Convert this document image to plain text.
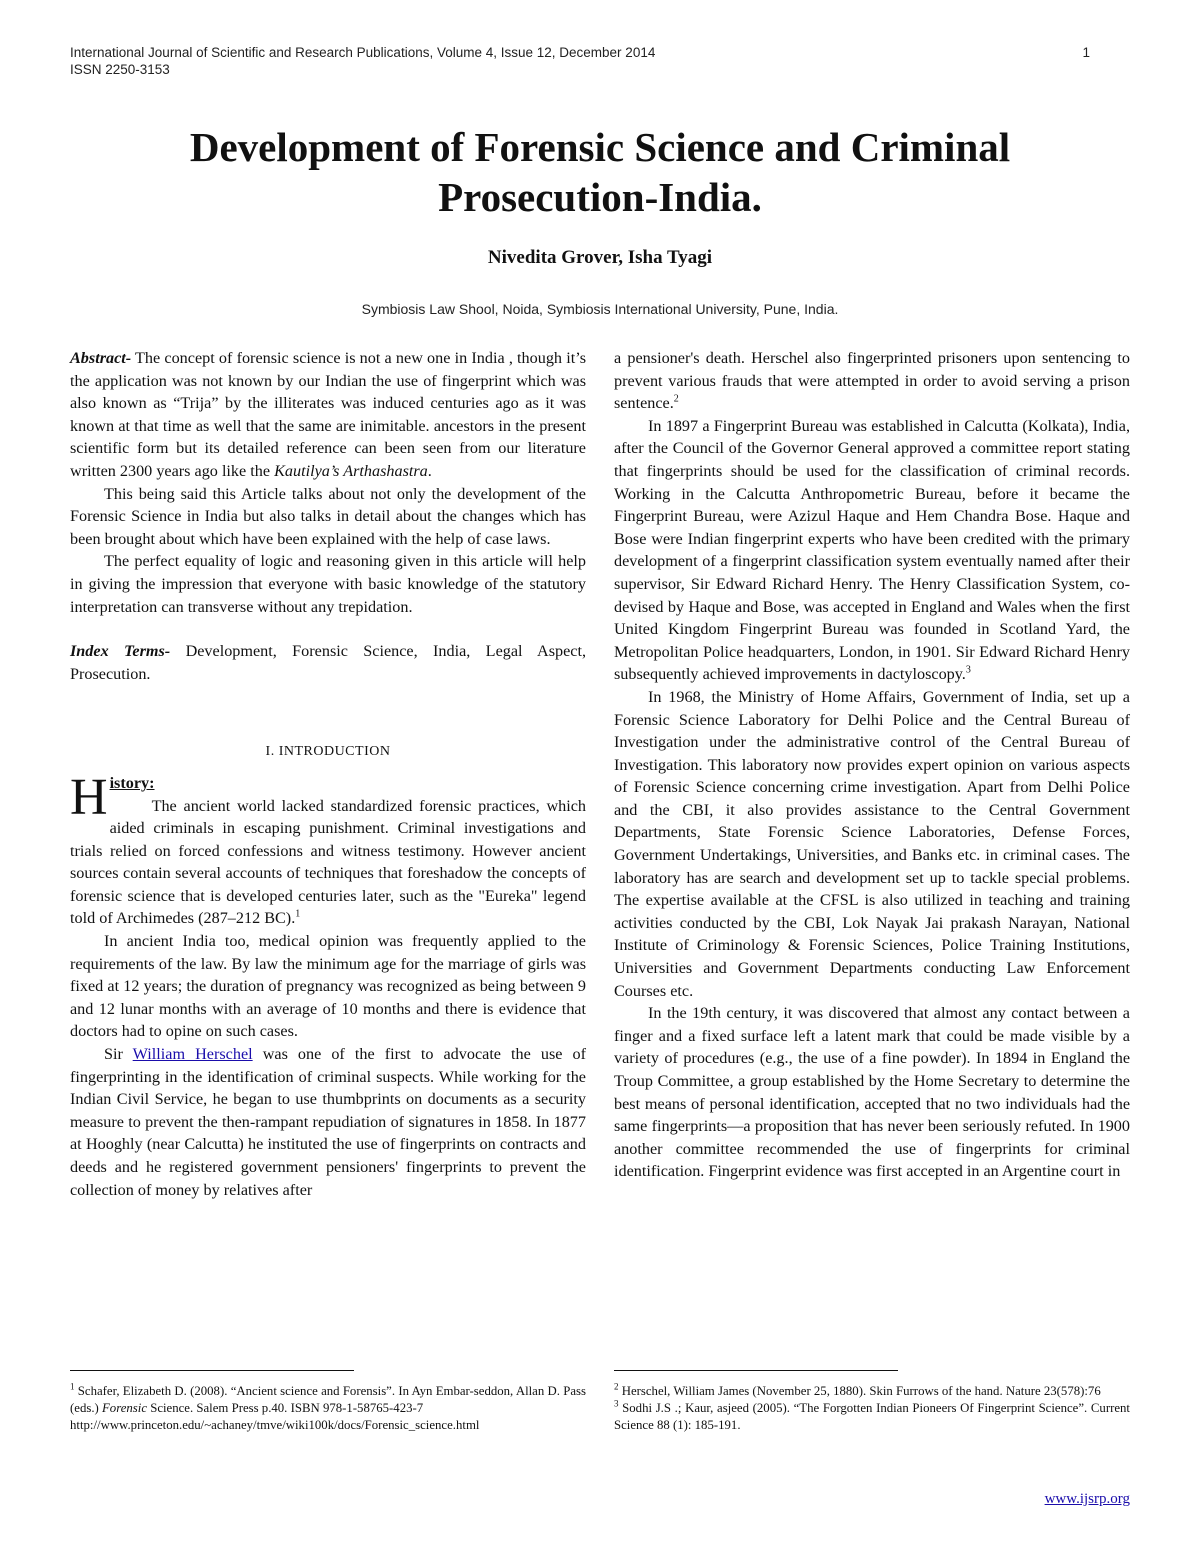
International Journal of Scientific and Research Publications, Volume 4, Issue 12, December 2014
ISSN 2250-3153
1
Development of Forensic Science and Criminal
Prosecution-India.
Nivedita Grover, Isha Tyagi
Symbiosis Law Shool, Noida, Symbiosis International University, Pune, India.

Abstract- The concept of forensic science is not a new one in India , though it’s the application was not known by our Indian the use of fingerprint which was also known as “Trija” by the illiterates was induced centuries ago as it was known at that time as well that the same are inimitable. ancestors in the present scientific form but its detailed reference can been seen from our literature written 2300 years ago like the Kautilya’s Arthashastra.

This being said this Article talks about not only the development of the Forensic Science in India but also talks in detail about the changes which has been brought about which have been explained with the help of case laws.

The perfect equality of logic and reasoning given in this article will help in giving the impression that everyone with basic knowledge of the statutory interpretation can transverse without any trepidation.

Index Terms- Development, Forensic Science, India, Legal Aspect, Prosecution.

I. INTRODUCTION

History:
The ancient world lacked standardized forensic practices, which aided criminals in escaping punishment. Criminal investigations and trials relied on forced confessions and witness testimony. However ancient sources contain several accounts of techniques that foreshadow the concepts of forensic science that is developed centuries later, such as the "Eureka" legend told of Archimedes (287–212 BC).$^1$

In ancient India too, medical opinion was frequently applied to the requirements of the law. By law the minimum age for the marriage of girls was fixed at 12 years; the duration of pregnancy was recognized as being between 9 and 12 lunar months with an average of 10 months and there is evidence that doctors had to opine on such cases.

Sir William Herschel was one of the first to advocate the use of fingerprinting in the identification of criminal suspects. While working for the Indian Civil Service, he began to use thumbprints on documents as a security measure to prevent the then-rampant repudiation of signatures in 1858. In 1877 at Hooghly (near Calcutta) he instituted the use of fingerprints on contracts and deeds and he registered government pensioners' fingerprints to prevent the collection of money by relatives after

a pensioner's death. Herschel also fingerprinted prisoners upon sentencing to prevent various frauds that were attempted in order to avoid serving a prison sentence.$^2$

In 1897 a Fingerprint Bureau was established in Calcutta (Kolkata), India, after the Council of the Governor General approved a committee report stating that fingerprints should be used for the classification of criminal records. Working in the Calcutta Anthropometric Bureau, before it became the Fingerprint Bureau, were Azizul Haque and Hem Chandra Bose. Haque and Bose were Indian fingerprint experts who have been credited with the primary development of a fingerprint classification system eventually named after their supervisor, Sir Edward Richard Henry. The Henry Classification System, co-devised by Haque and Bose, was accepted in England and Wales when the first United Kingdom Fingerprint Bureau was founded in Scotland Yard, the Metropolitan Police headquarters, London, in 1901. Sir Edward Richard Henry subsequently achieved improvements in dactyloscopy.$^3$

In 1968, the Ministry of Home Affairs, Government of India, set up a Forensic Science Laboratory for Delhi Police and the Central Bureau of Investigation under the administrative control of the Central Bureau of Investigation. This laboratory now provides expert opinion on various aspects of Forensic Science concerning crime investigation. Apart from Delhi Police and the CBI, it also provides assistance to the Central Government Departments, State Forensic Science Laboratories, Defense Forces, Government Undertakings, Universities, and Banks etc. in criminal cases. The laboratory has are search and development set up to tackle special problems. The expertise available at the CFSL is also utilized in teaching and training activities conducted by the CBI, Lok Nayak Jai prakash Narayan, National Institute of Criminology & Forensic Sciences, Police Training Institutions, Universities and Government Departments conducting Law Enforcement Courses etc.

In the 19th century, it was discovered that almost any contact between a finger and a fixed surface left a latent mark that could be made visible by a variety of procedures (e.g., the use of a fine powder). In 1894 in England the Troup Committee, a group established by the Home Secretary to determine the best means of personal identification, accepted that no two individuals had the same fingerprints—a proposition that has never been seriously refuted. In 1900 another committee recommended the use of fingerprints for criminal identification. Fingerprint evidence was first accepted in an Argentine court in

$^1$ Schafer, Elizabeth D. (2008). “Ancient science and Forensis”. In Ayn Embar-seddon, Allan D. Pass (eds.) Forensic Science. Salem Press p.40. ISBN 978-1-58765-423-7

http://www.princeton.edu/~achaney/tmve/wiki100k/docs/Forensic_science.html

$^2$ Herschel, William James (November 25, 1880). Skin Furrows of the hand. Nature 23(578):76

$^3$ Sodhi J.S .; Kaur, asjeed (2005). “The Forgotten Indian Pioneers Of Fingerprint Science”. Current Science 88 (1): 185-191.

www.ijsrp.org
